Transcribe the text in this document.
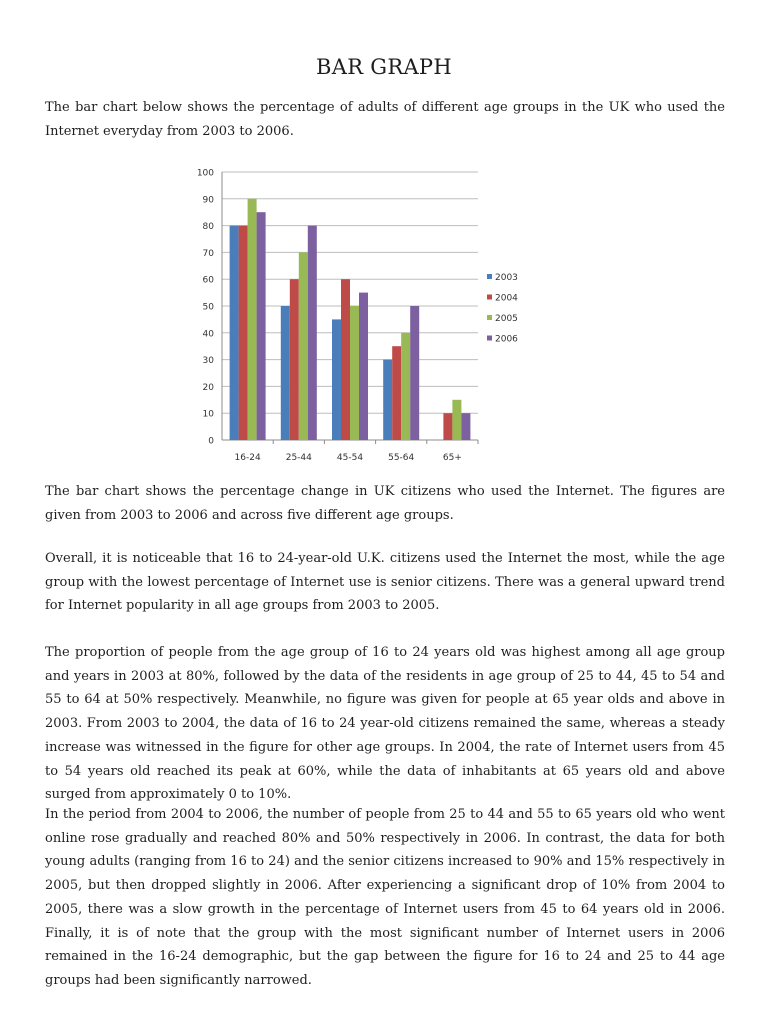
BAR GRAPH

The bar chart below shows the percentage of adults of different age groups in the UK who used the Internet everyday from 2003 to 2006.

0
10
20
30
40
50
60
70
80
90
100
16-24	25-44	45-54	55-64	65+
2003
2004
2005
2006

The bar chart shows the percentage change in UK citizens who used the Internet. The figures are given from 2003 to 2006 and across five different age groups.

Overall, it is noticeable that 16 to 24-year-old U.K. citizens used the Internet the most, while the age group with the lowest percentage of Internet use is senior citizens. There was a general upward trend for Internet popularity in all age groups from 2003 to 2005.

The proportion of people from the age group of 16 to 24 years old was highest among all age group and years in 2003 at 80%, followed by the data of the residents in age group of 25 to 44, 45 to 54 and 55 to 64 at 50% respectively. Meanwhile, no figure was given for people at 65 year olds and above in 2003. From 2003 to 2004, the data of 16 to 24 year-old citizens remained the same, whereas a steady increase was witnessed in the figure for other age groups. In 2004, the rate of Internet users from 45 to 54 years old reached its peak at 60%, while the data of inhabitants at 65 years old and above surged from approximately 0 to 10%.

In the period from 2004 to 2006, the number of people from 25 to 44 and 55 to 65 years old who went online rose gradually and reached 80% and 50% respectively in 2006. In contrast, the data for both young adults (ranging from 16 to 24) and the senior citizens increased to 90% and 15% respectively in 2005, but then dropped slightly in 2006. After experiencing a significant drop of 10% from 2004 to 2005, there was a slow growth in the percentage of Internet users from 45 to 64 years old in 2006. Finally, it is of note that the group with the most significant number of Internet users in 2006 remained in the 16-24 demographic, but the gap between the figure for 16 to 24 and 25 to 44 age groups had been significantly narrowed.
